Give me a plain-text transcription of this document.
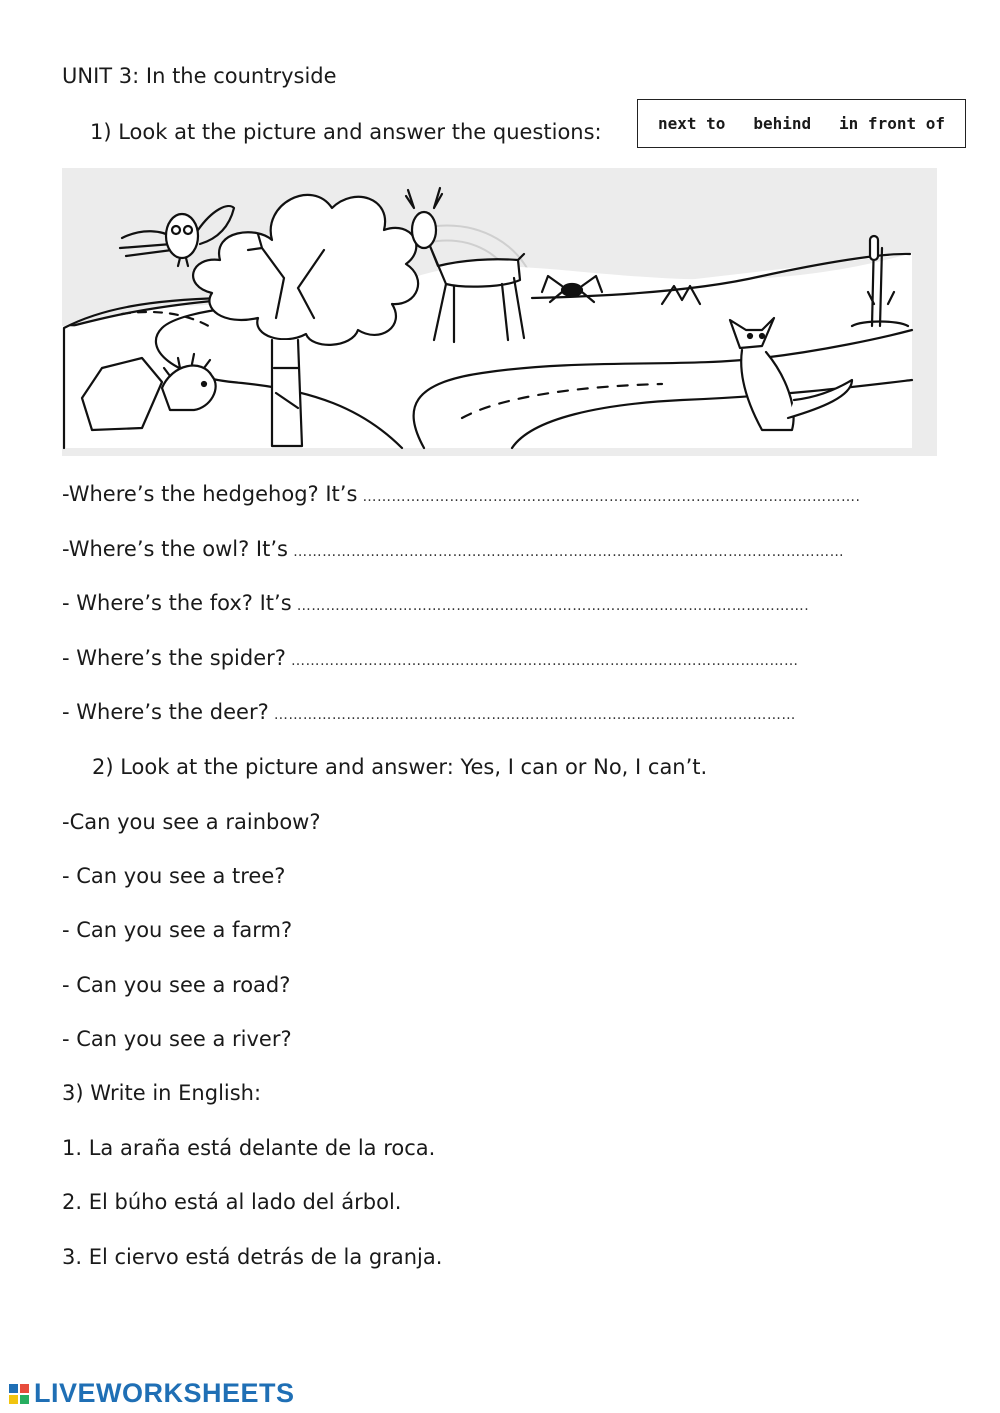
UNIT 3: In the countryside
1) Look at the picture and answer the questions:	next to behind in front of
-Where’s the hedgehog? It’s ………………………………………………………………………………………….
-Where’s the owl? It’s ……………………………………………………………………………………………………
- Where’s the fox? It’s …………………………………………………………………………………………….
- Where’s the spider? ……………………………………………………………………………………………
- Where’s the deer? ………………………………………………………………………………………………
2) Look at the picture and answer: Yes, I can or No, I can’t.
-Can you see a rainbow?
- Can you see a tree?
- Can you see a farm?
- Can you see a road?
- Can you see a river?
3) Write in English:
1. La araña está delante de la roca.
2. El búho está al lado del árbol.
3. El ciervo está detrás de la granja.
LIVEWORKSHEETS
